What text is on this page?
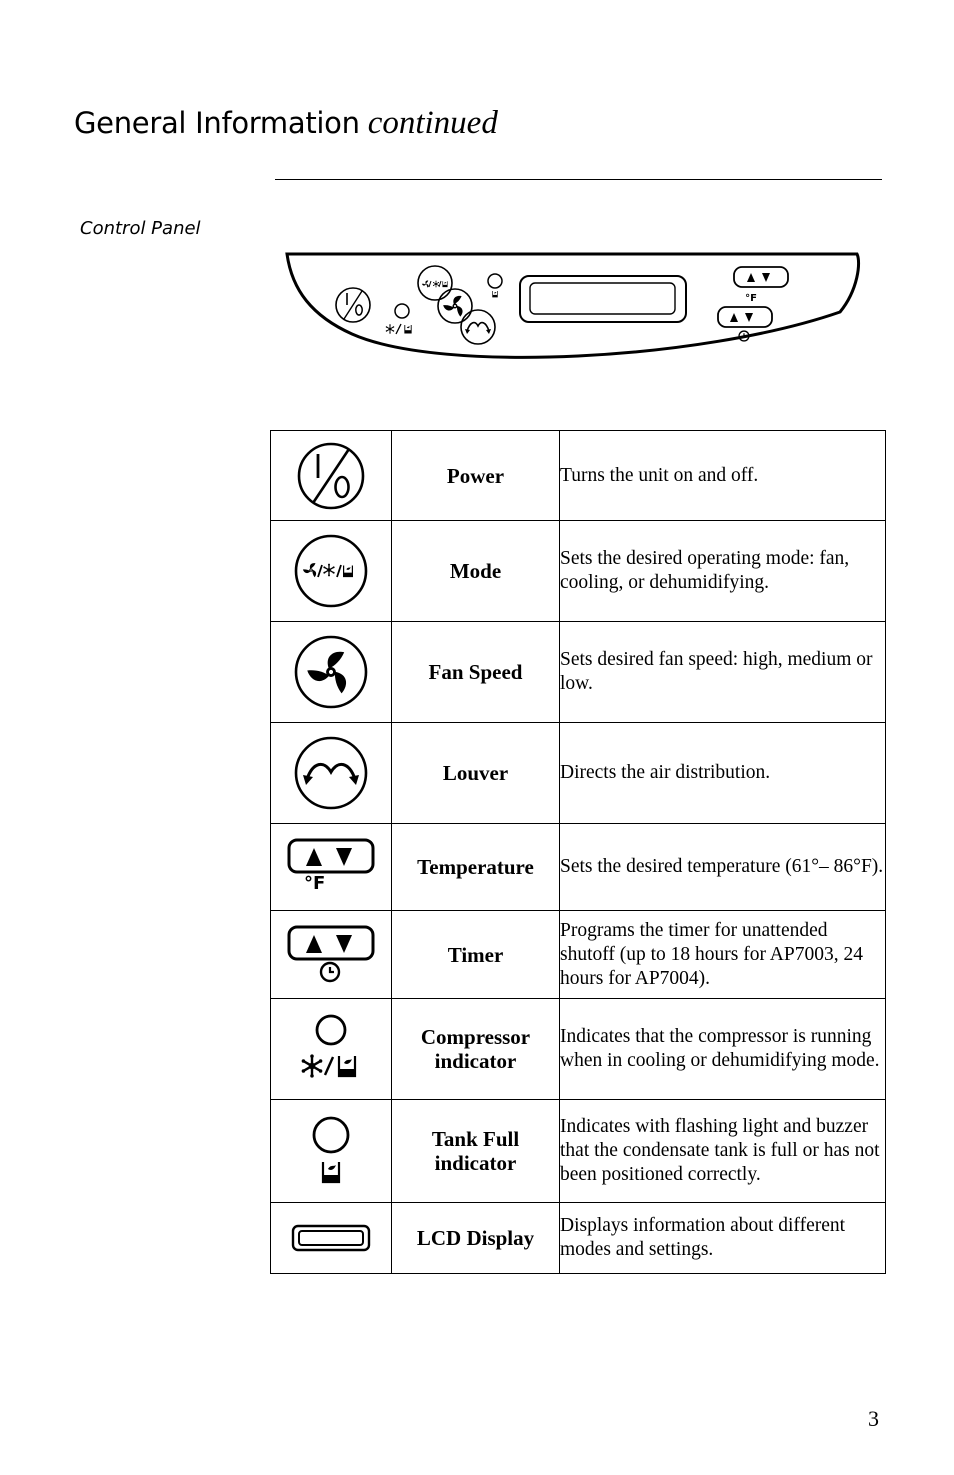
General Information continued
Control Panel
°F
	Power	Turns the unit on and off.

	Mode	Sets the desired operating mode: fan, cooling, or dehumidifying.

	Fan Speed	Sets desired fan speed: high, medium or low.

	Louver	Directs the air distribution.

°F	Temperature	Sets the desired temperature (61°– 86°F).

	Timer	Programs the timer for unattended shutoff (up to 18 hours for AP7003, 24 hours for AP7004).

	Compressor indicator	Indicates that the compressor is running when in cooling or dehumidifying mode.

	Tank Full indicator	Indicates with flashing light and buzzer that the condensate tank is full or has not been positioned correctly.

	LCD Display	Displays information about different modes and settings.
3
